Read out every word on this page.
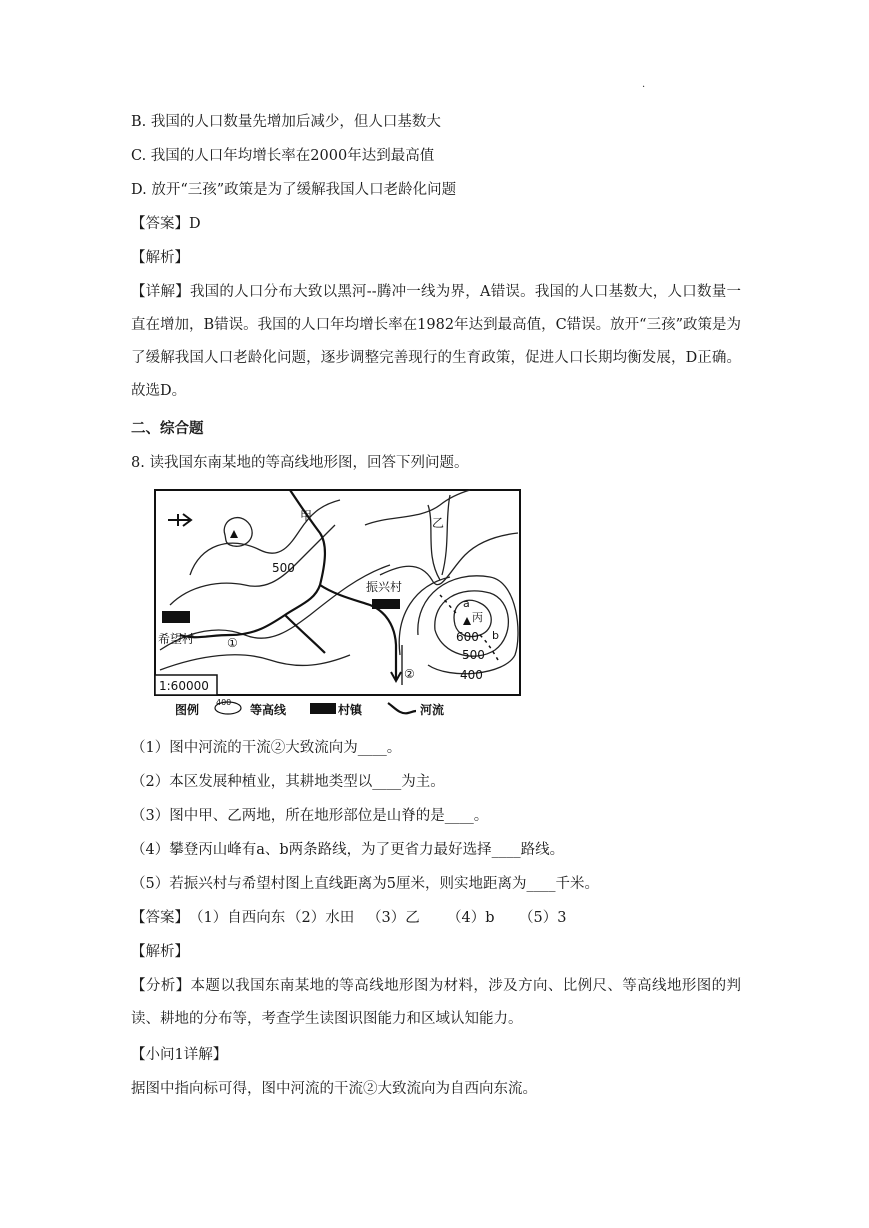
·
B. 我国的人口数量先增加后减少，但人口基数大
C. 我国的人口年均增长率在2000年达到最高值
D. 放开“三孩”政策是为了缓解我国人口老龄化问题
【答案】D
【解析】
【详解】我国的人口分布大致以黑河--腾冲一线为界，A错误。我国的人口基数大，人口数量一直在增加，B错误。我国的人口年均增长率在1982年达到最高值，C错误。放开“三孩”政策是为了缓解我国人口老龄化问题，逐步调整完善现行的生育政策，促进人口长期均衡发展，D正确。故选D。
二、综合题
8. 读我国东南某地的等高线地形图，回答下列问题。
甲	乙
500
振兴村
希望村	①
②
a
b
丙
600
500
400
1:60000
图例
400
等高线	村镇	河流
（1）图中河流的干流②大致流向为____。
（2）本区发展种植业，其耕地类型以____为主。
（3）图中甲、乙两地，所在地形部位是山脊的是____。
（4）攀登丙山峰有a、b两条路线，为了更省力最好选择____路线。
（5）若振兴村与希望村图上直线距离为5厘米，则实地距离为____千米。
【答案】（1）自西向东 （2）水田 （3）乙 （4）b （5）3
【解析】
【分析】本题以我国东南某地的等高线地形图为材料，涉及方向、比例尺、等高线地形图的判读、耕地的分布等，考查学生读图识图能力和区域认知能力。
【小问1详解】
据图中指向标可得，图中河流的干流②大致流向为自西向东流。
